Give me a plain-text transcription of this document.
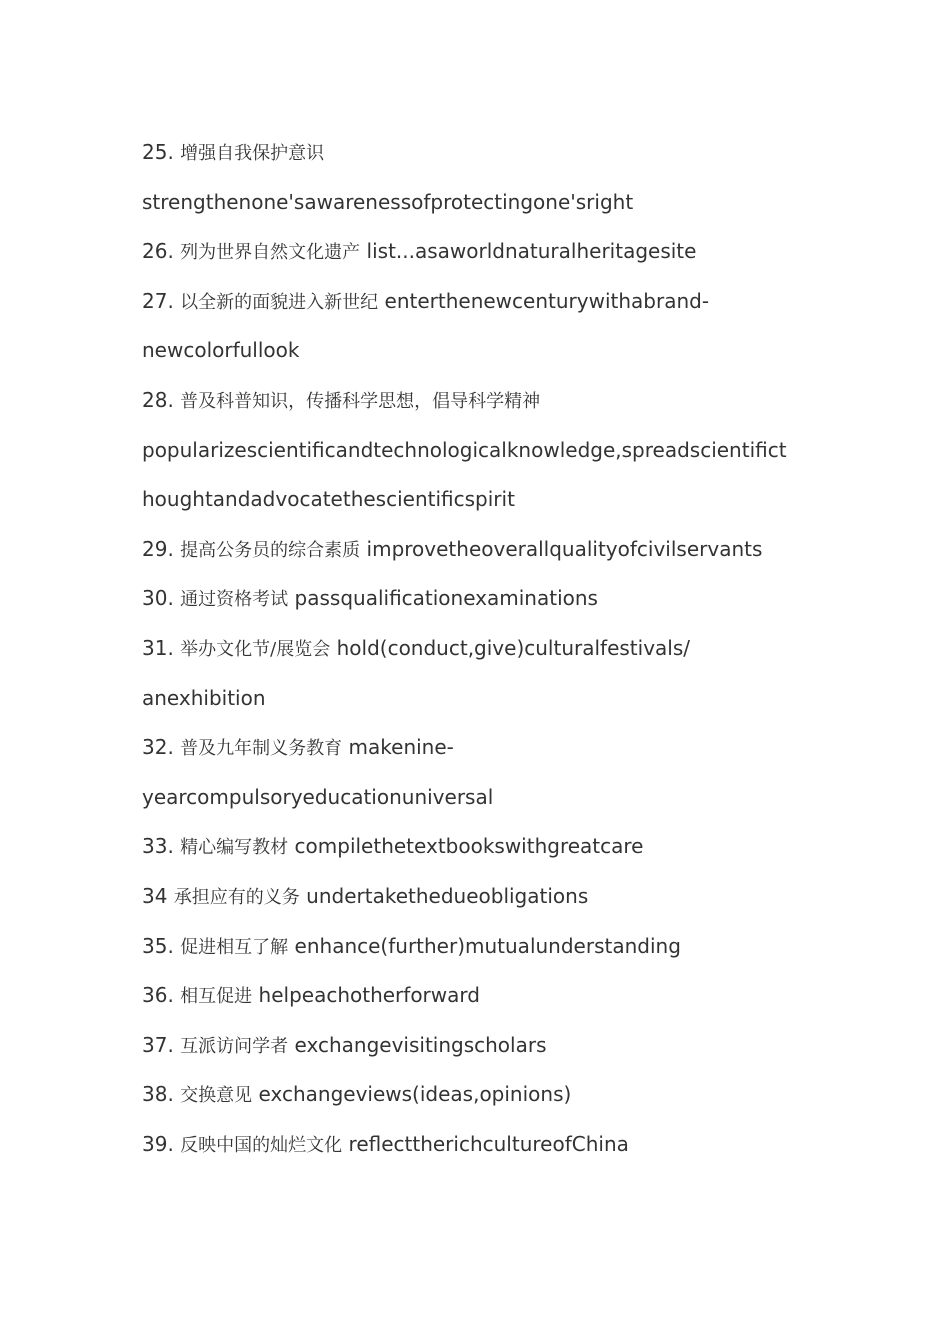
25. 增强自我保护意识
strengthenone'sawarenessofprotectingone'sright
26. 列为世界自然文化遗产 list...asaworldnaturalheritagesite
27. 以全新的面貌进入新世纪 enterthenewcenturywithabrand-
newcolorfullook
28. 普及科普知识，传播科学思想，倡导科学精神
popularizescientificandtechnologicalknowledge,spreadscientifict
houghtandadvocatethescientificspirit
29. 提高公务员的综合素质 improvetheoverallqualityofcivilservants
30. 通过资格考试 passqualificationexaminations
31. 举办文化节/展览会 hold(conduct,give)culturalfestivals/
anexhibition
32. 普及九年制义务教育 makenine-
yearcompulsoryeducationuniversal
33. 精心编写教材 compilethetextbookswithgreatcare
34 承担应有的义务 undertakethedueobligations
35. 促进相互了解 enhance(further)mutualunderstanding
36. 相互促进 helpeachotherforward
37. 互派访问学者 exchangevisitingscholars
38. 交换意见 exchangeviews(ideas,opinions)
39. 反映中国的灿烂文化 reflecttherichcultureofChina
